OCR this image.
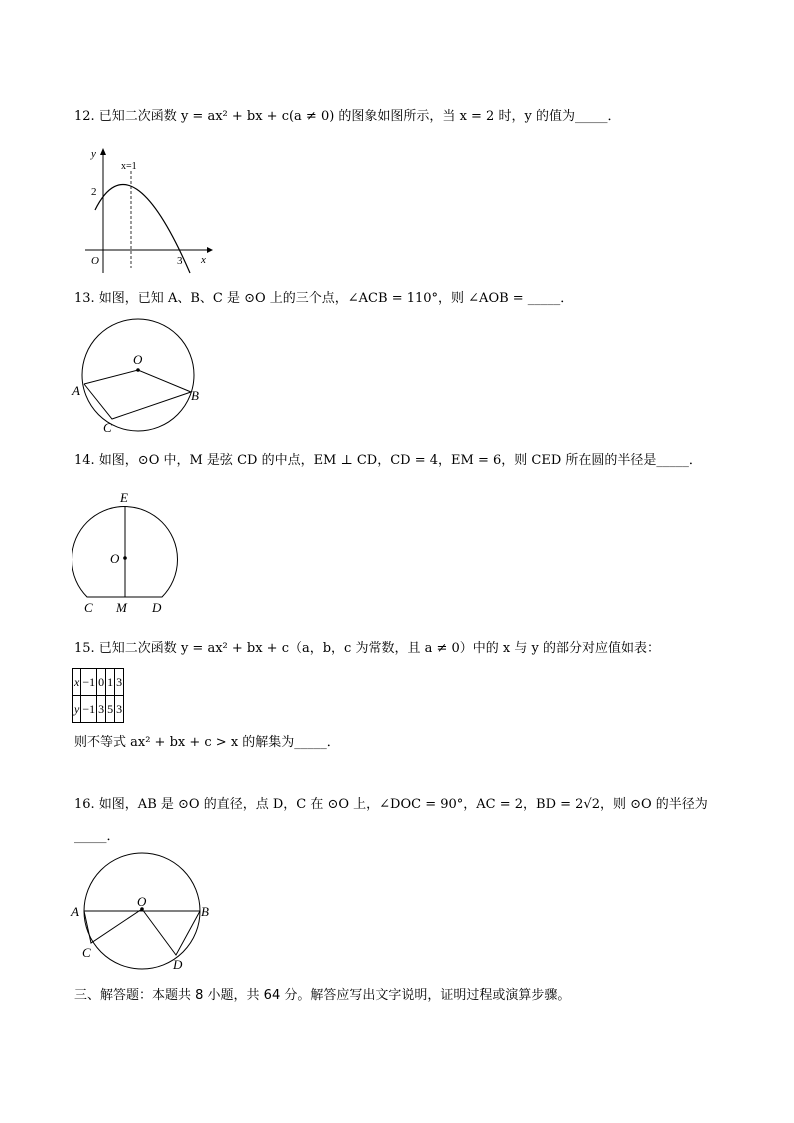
12. 已知二次函数 y = ax² + bx + c(a ≠ 0) 的图象如图所示，当 x = 2 时，y 的值为_____．
y
x
O
x=1
2
3
13. 如图，已知 A、B、C 是 ⊙O 上的三个点，∠ACB = 110°，则 ∠AOB = _____．
O
A	B
C
14. 如图，⊙O 中，M 是弦 CD 的中点，EM ⊥ CD，CD = 4，EM = 6，则 CED 所在圆的半径是_____．
E
O
C M D
15. 已知二次函数 y = ax² + bx + c（a，b，c 为常数，且 a ≠ 0）中的 x 与 y 的部分对应值如表：
x	−1	0	1	3
y	−1	3	5	3
则不等式 ax² + bx + c > x 的解集为_____．
16. 如图，AB 是 ⊙O 的直径，点 D，C 在 ⊙O 上，∠DOC = 90°，AC = 2，BD = 2√2，则 ⊙O 的半径为
_____．
O
A	B
C
D
三、解答题：本题共 8 小题，共 64 分。解答应写出文字说明，证明过程或演算步骤。
